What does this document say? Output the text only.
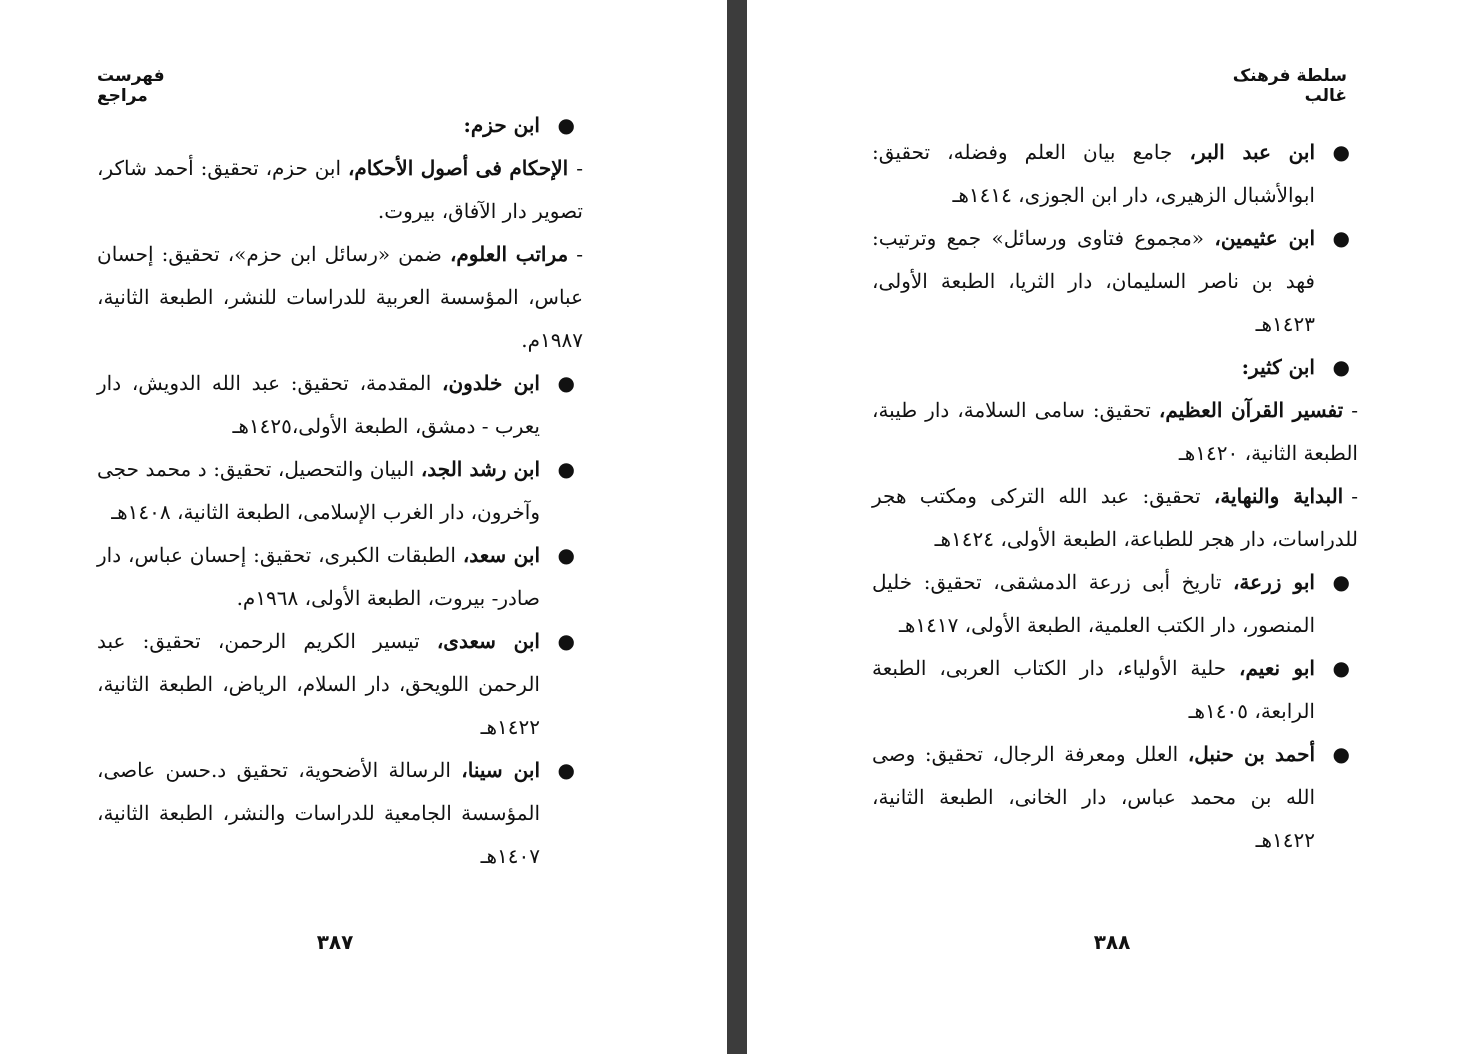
فهرست مراجع
●
ابن حزم:
-الإحكام فى أصول الأحكام، ابن حزم، تحقيق: أحمد شاكر، تصوير دار الآفاق، بيروت.
-مراتب العلوم، ضمن «رسائل ابن حزم»، تحقيق: إحسان عباس، المؤسسة العربية للدراسات للنشر، الطبعة الثانية، ١٩٨٧م.
●
ابن خلدون، المقدمة، تحقيق: عبد الله الدويش، دار يعرب - دمشق، الطبعة الأولى،١٤٢٥هـ
●
ابن رشد الجد، البيان والتحصيل، تحقيق: د محمد حجى وآخرون، دار الغرب الإسلامى، الطبعة الثانية، ١٤٠٨هـ
●
ابن سعد، الطبقات الكبرى، تحقيق: إحسان عباس، دار صادر- بيروت، الطبعة الأولى، ١٩٦٨م.
●
ابن سعدى، تيسير الكريم الرحمن، تحقيق: عبد الرحمن اللويحق، دار السلام، الرياض، الطبعة الثانية، ١٤٢٢هـ
●
ابن سينا، الرسالة الأضحوية، تحقيق د.حسن عاصى، المؤسسة الجامعية للدراسات والنشر، الطبعة الثانية، ١٤٠٧هـ
٣٨٧
سلطة فرهنک غالب
●
ابن عبد البر، جامع بيان العلم وفضله، تحقيق: ابوالأشبال الزهيرى، دار ابن الجوزى، ١٤١٤هـ
●
ابن عثيمين، «مجموع فتاوى ورسائل» جمع وترتيب: فهد بن ناصر السليمان، دار الثريا، الطبعة الأولى، ١٤٢٣هـ
●
ابن كثير:
-تفسير القرآن العظيم، تحقيق: سامى السلامة، دار طيبة، الطبعة الثانية، ١٤٢٠هـ
-البداية والنهاية، تحقيق: عبد الله التركى ومكتب هجر للدراسات، دار هجر للطباعة، الطبعة الأولى، ١٤٢٤هـ
●
ابو زرعة، تاريخ أبى زرعة الدمشقى، تحقيق: خليل المنصور، دار الكتب العلمية، الطبعة الأولى، ١٤١٧هـ
●
ابو نعيم، حلية الأولياء، دار الكتاب العربى، الطبعة الرابعة، ١٤٠٥هـ
●
أحمد بن حنبل، العلل ومعرفة الرجال، تحقيق: وصى الله بن محمد عباس، دار الخانى، الطبعة الثانية، ١٤٢٢هـ
٣٨٨
